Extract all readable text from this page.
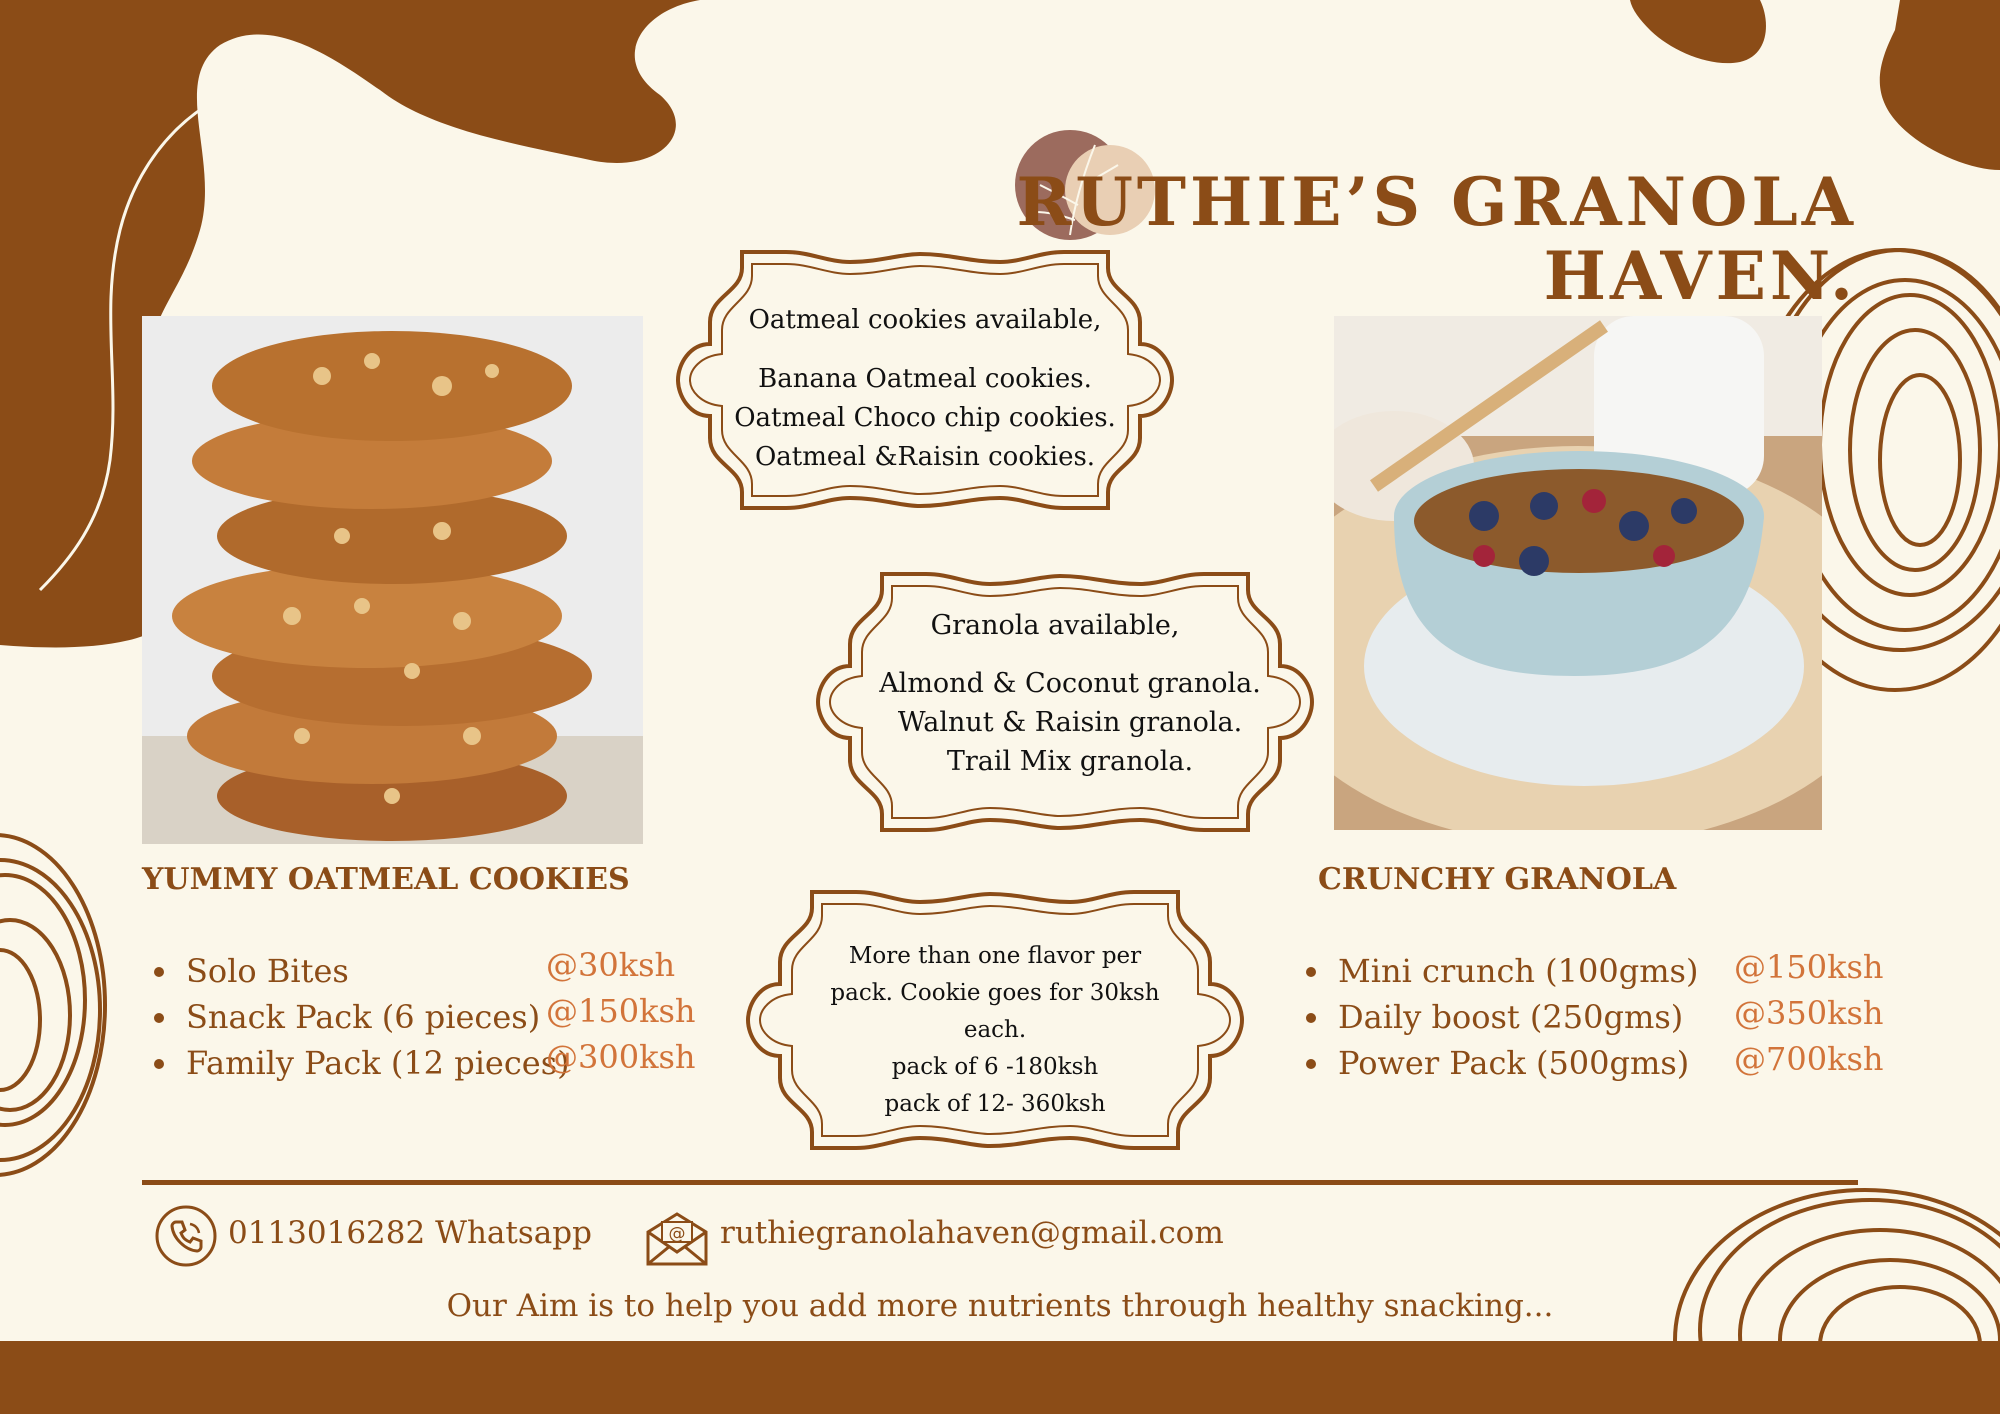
RUTHIE’S GRANOLA
HAVEN.
Oatmeal cookies available,
Banana Oatmeal cookies.
Oatmeal Choco chip cookies.
Oatmeal &Raisin cookies.
Granola available,
Almond & Coconut granola.
Walnut & Raisin granola.
Trail Mix granola.
More than one flavor per
pack. Cookie goes for 30ksh
each.
pack of 6 -180ksh
pack of 12- 360ksh
YUMMY OATMEAL COOKIES
Solo Bites
Snack Pack (6 pieces)
Family Pack (12 pieces)
@30ksh
@150ksh
@300ksh
CRUNCHY GRANOLA
Mini crunch (100gms)
Daily boost (250gms)
Power Pack (500gms)
@150ksh
@350ksh
@700ksh
0113016282 Whatsapp	@ ruthiegranolahaven@gmail.com
Our Aim is to help you add more nutrients through healthy snacking...
